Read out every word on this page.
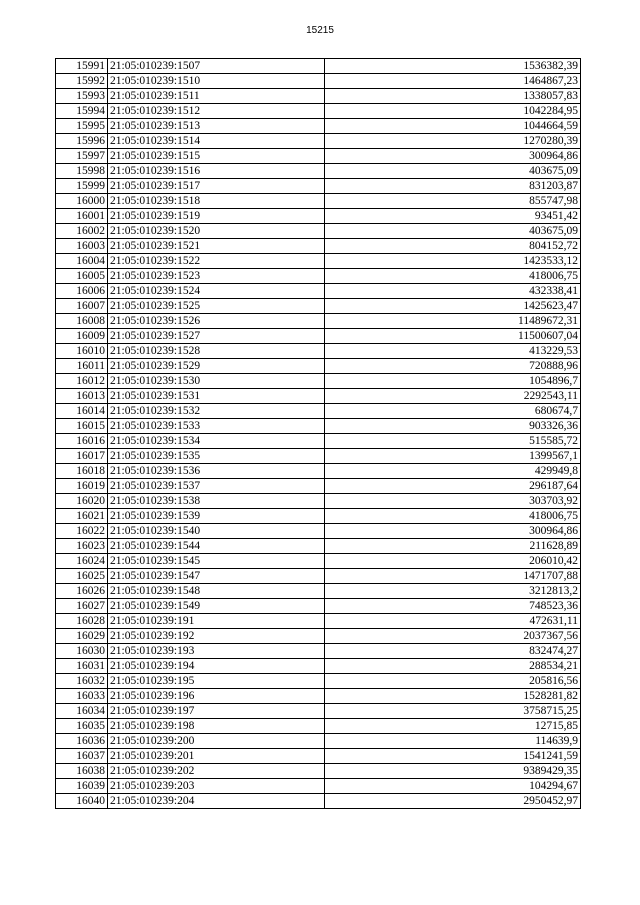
15215
15991	21:05:010239:1507	1536382,39
15992	21:05:010239:1510	1464867,23
15993	21:05:010239:1511	1338057,83
15994	21:05:010239:1512	1042284,95
15995	21:05:010239:1513	1044664,59
15996	21:05:010239:1514	1270280,39
15997	21:05:010239:1515	300964,86
15998	21:05:010239:1516	403675,09
15999	21:05:010239:1517	831203,87
16000	21:05:010239:1518	855747,98
16001	21:05:010239:1519	93451,42
16002	21:05:010239:1520	403675,09
16003	21:05:010239:1521	804152,72
16004	21:05:010239:1522	1423533,12
16005	21:05:010239:1523	418006,75
16006	21:05:010239:1524	432338,41
16007	21:05:010239:1525	1425623,47
16008	21:05:010239:1526	11489672,31
16009	21:05:010239:1527	11500607,04
16010	21:05:010239:1528	413229,53
16011	21:05:010239:1529	720888,96
16012	21:05:010239:1530	1054896,7
16013	21:05:010239:1531	2292543,11
16014	21:05:010239:1532	680674,7
16015	21:05:010239:1533	903326,36
16016	21:05:010239:1534	515585,72
16017	21:05:010239:1535	1399567,1
16018	21:05:010239:1536	429949,8
16019	21:05:010239:1537	296187,64
16020	21:05:010239:1538	303703,92
16021	21:05:010239:1539	418006,75
16022	21:05:010239:1540	300964,86
16023	21:05:010239:1544	211628,89
16024	21:05:010239:1545	206010,42
16025	21:05:010239:1547	1471707,88
16026	21:05:010239:1548	3212813,2
16027	21:05:010239:1549	748523,36
16028	21:05:010239:191	472631,11
16029	21:05:010239:192	2037367,56
16030	21:05:010239:193	832474,27
16031	21:05:010239:194	288534,21
16032	21:05:010239:195	205816,56
16033	21:05:010239:196	1528281,82
16034	21:05:010239:197	3758715,25
16035	21:05:010239:198	12715,85
16036	21:05:010239:200	114639,9
16037	21:05:010239:201	1541241,59
16038	21:05:010239:202	9389429,35
16039	21:05:010239:203	104294,67
16040	21:05:010239:204	2950452,97
